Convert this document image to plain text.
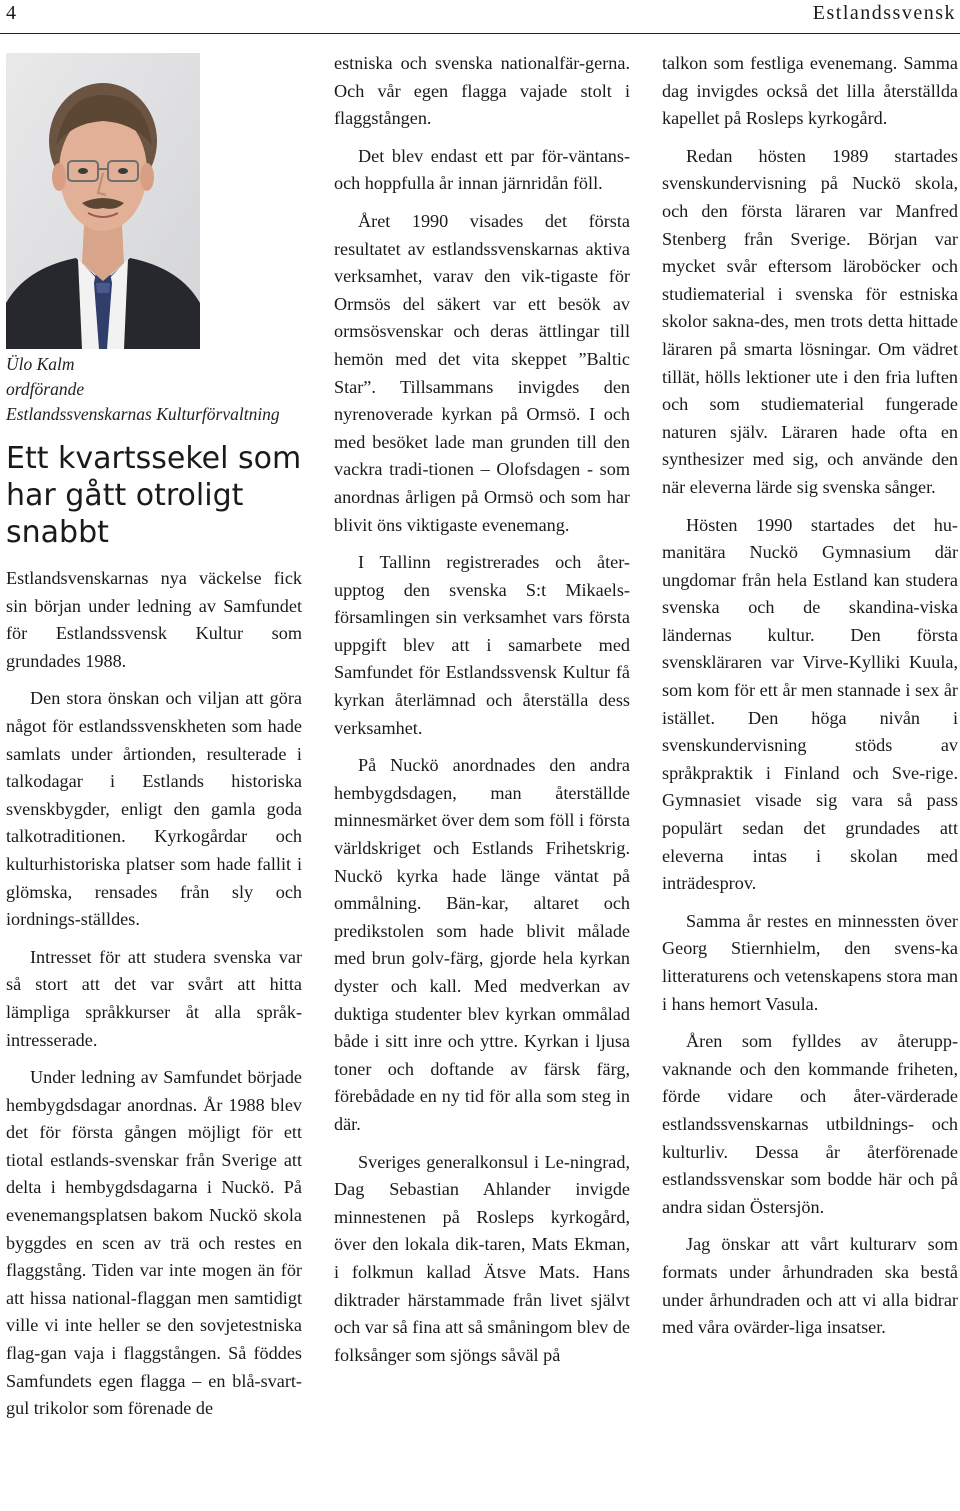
4	Estlandssvensk
Ülo Kalm
ordförande
Estlandssvenskarnas Kulturförvaltning
Ett kvartssekel som har gått otroligt snabbt

Estlandsvenskarnas nya väckelse fick sin början under ledning av Samfundet för Estlandssvensk Kultur som grundades 1988.

Den stora önskan och viljan att göra något för estlandssvenskheten som hade samlats under årtionden, resulterade i talkodagar i Estlands historiska svenskbygder, enligt den gamla goda talkotraditionen. Kyrkogårdar och kulturhistoriska platser som hade fallit i glömska, rensades från sly och iordnings-ställdes.

Intresset för att studera svenska var så stort att det var svårt att hitta lämpliga språkkurser åt alla språk-intresserade.

Under ledning av Samfundet började hembygdsdagar anordnas. År 1988 blev det för första gången möjligt för ett tiotal estlands-svenskar från Sverige att delta i hembygdsdagarna i Nuckö. På evenemangsplatsen bakom Nuckö skola byggdes en scen av trä och restes en flaggstång. Tiden var inte mogen än för att hissa national-flaggan men samtidigt ville vi inte heller se den sovjetestniska flag-gan vaja i flaggstången. Så föddes Samfundets egen flagga – en blå-svart-gul trikolor som förenade de

estniska och svenska nationalfär-gerna. Och vår egen flagga vajade stolt i flaggstången.

Det blev endast ett par för-väntans- och hoppfulla år innan järnridån föll.

Året 1990 visades det första resultatet av estlandssvenskarnas aktiva verksamhet, varav den vik-tigaste för Ormsös del säkert var ett besök av ormsösvenskar och deras ättlingar till hemön med det vita skeppet ”Baltic Star”. Tillsammans invigdes den nyrenoverade kyrkan på Ormsö. I och med besöket lade man grunden till den vackra tradi-tionen – Olofsdagen - som anordnas årligen på Ormsö och som har blivit öns viktigaste evenemang.

I Tallinn registrerades och åter-upptog den svenska S:t Mikaels-församlingen sin verksamhet vars första uppgift blev att i samarbete med Samfundet för Estlandssvensk Kultur få kyrkan återlämnad och återställa dess verksamhet.

På Nuckö anordnades den andra hembygdsdagen, man återställde minnesmärket över dem som föll i första världskriget och Estlands Frihetskrig. Nuckö kyrka hade länge väntat på ommålning. Bän-kar, altaret och predikstolen som hade blivit målade med brun golv-färg, gjorde hela kyrkan dyster och kall. Med medverkan av duktiga studenter blev kyrkan ommålad både i sitt inre och yttre. Kyrkan i ljusa toner och doftande av färsk färg, förebådade en ny tid för alla som steg in där.

Sveriges generalkonsul i Le-ningrad, Dag Sebastian Ahlander invigde minnestenen på Rosleps kyrkogård, över den lokala dik-taren, Mats Ekman, i folkmun kallad Ätsve Mats. Hans diktrader härstammade från livet självt och var så fina att så småningom blev de folksånger som sjöngs såväl på

talkon som festliga evenemang. Samma dag invigdes också det lilla återställda kapellet på Rosleps kyrkogård.

Redan hösten 1989 startades svenskundervisning på Nuckö skola, och den första läraren var Manfred Stenberg från Sverige. Början var mycket svår eftersom läroböcker och studiematerial i svenska för estniska skolor sakna-des, men trots detta hittade läraren på smarta lösningar. Om vädret tillät, hölls lektioner ute i den fria luften och som studiematerial fungerade naturen själv. Läraren hade ofta en synthesizer med sig, och använde den när eleverna lärde sig svenska sånger.

Hösten 1990 startades det hu-manitära Nuckö Gymnasium där ungdomar från hela Estland kan studera svenska och de skandina-viska ländernas kultur. Den första svenskläraren var Virve-Kylliki Kuula, som kom för ett år men stannade i sex år istället. Den höga nivån i svenskundervisning stöds av språkpraktik i Finland och Sve-rige. Gymnasiet visade sig vara så pass populärt sedan det grundades att eleverna intas i skolan med inträdesprov.

Samma år restes en minnessten över Georg Stiernhielm, den svens-ka litteraturens och vetenskapens stora man i hans hemort Vasula.

Åren som fylldes av återupp-vaknande och den kommande friheten, förde vidare och åter-värderade estlandssvenskarnas utbildnings- och kulturliv. Dessa år återförenade estlandssvenskar som bodde här och på andra sidan Östersjön.

Jag önskar att vårt kulturarv som formats under århundraden ska bestå under århundraden och att vi alla bidrar med våra ovärder-liga insatser.
